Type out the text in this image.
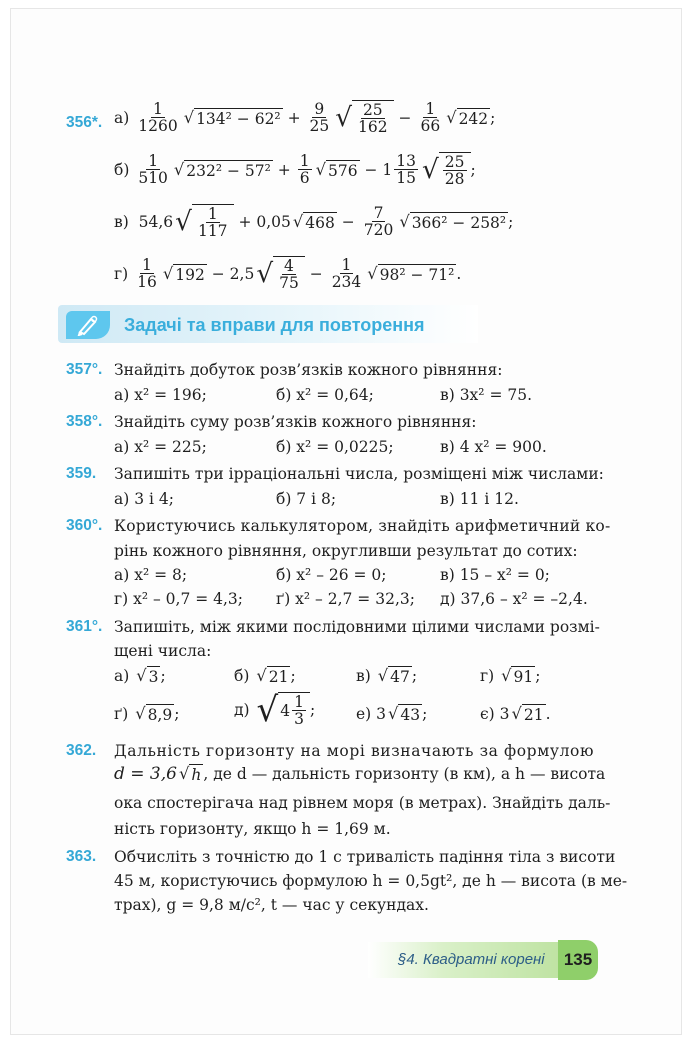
356*. а)
$\frac{1}{1260}$ √ $134^2 - 62^2 + \frac{9}{25}$ √ $\frac{25}{162} - \frac{1}{66}$ √ 242 ;
б)
$\frac{1}{510}$ √ $232^2 - 57^2 + \frac{1}{6}$ √ $576 - 1 \frac{13}{15}$ √ $\frac{25}{28}$ ;
в) 54,6 √ $\frac{1}{117} + 0,05$ √ $468 - \frac{7}{720}$ √ 366² − 258² ;
г)
$\frac{1}{16}$ √ 192 − 2,5 √ $\frac{4}{75} - \frac{1}{234}$ √ 98² − 71² .
Задачі та вправи для повторення
357°. Знайдіть добуток розв’язків кожного рівняння:
а) x² = 196;	б) x² = 0,64;	в) 3x² = 75.
358°. Знайдіть суму розв’язків кожного рівняння:
а) x² = 225;	б) x² = 0,0225;	в) 4 x² = 900.
359. Запишіть три ірраціональні числа, розміщені між числами:
а) 3 і 4;	б) 7 і 8;	в) 11 і 12.
360°. Користуючись калькулятором, знайдіть арифметичний ко-
рінь кожного рівняння, округливши результат до сотих:
а) x² = 8;	б) x² – 26 = 0;	в) 15 – x² = 0;
г) x² – 0,7 = 4,3; ґ) x² – 2,7 = 32,3; д) 37,6 – x² = –2,4.
361°. Запишіть, між якими послідовними цілими числами розмі-
щені числа:
а)
√ 3 ;	б)
√ 21 ;	в)
√ 47 ;	г)
√ 91 ;
ґ)
√ 8,9 ;	д)
√ $4 \frac{1}{3}$ ;	е)
3 √ 43 ;	є)
3 √ 21 .
362. Дальність горизонту на морі визначають за формулою
d = 3,6 √ h , де d — дальність горизонту (в км), а h — висота
ока спостерігача над рівнем моря (в метрах). Знайдіть даль-
ність горизонту, якщо h = 1,69 м.
363. Обчисліть з точністю до 1 с тривалість падіння тіла з висоти
45 м, користуючись формулою h = 0,5gt², де h — висота (в ме-
трах), g = 9,8 м/с², t — час у секундах.
§4. Квадратні корені	135
